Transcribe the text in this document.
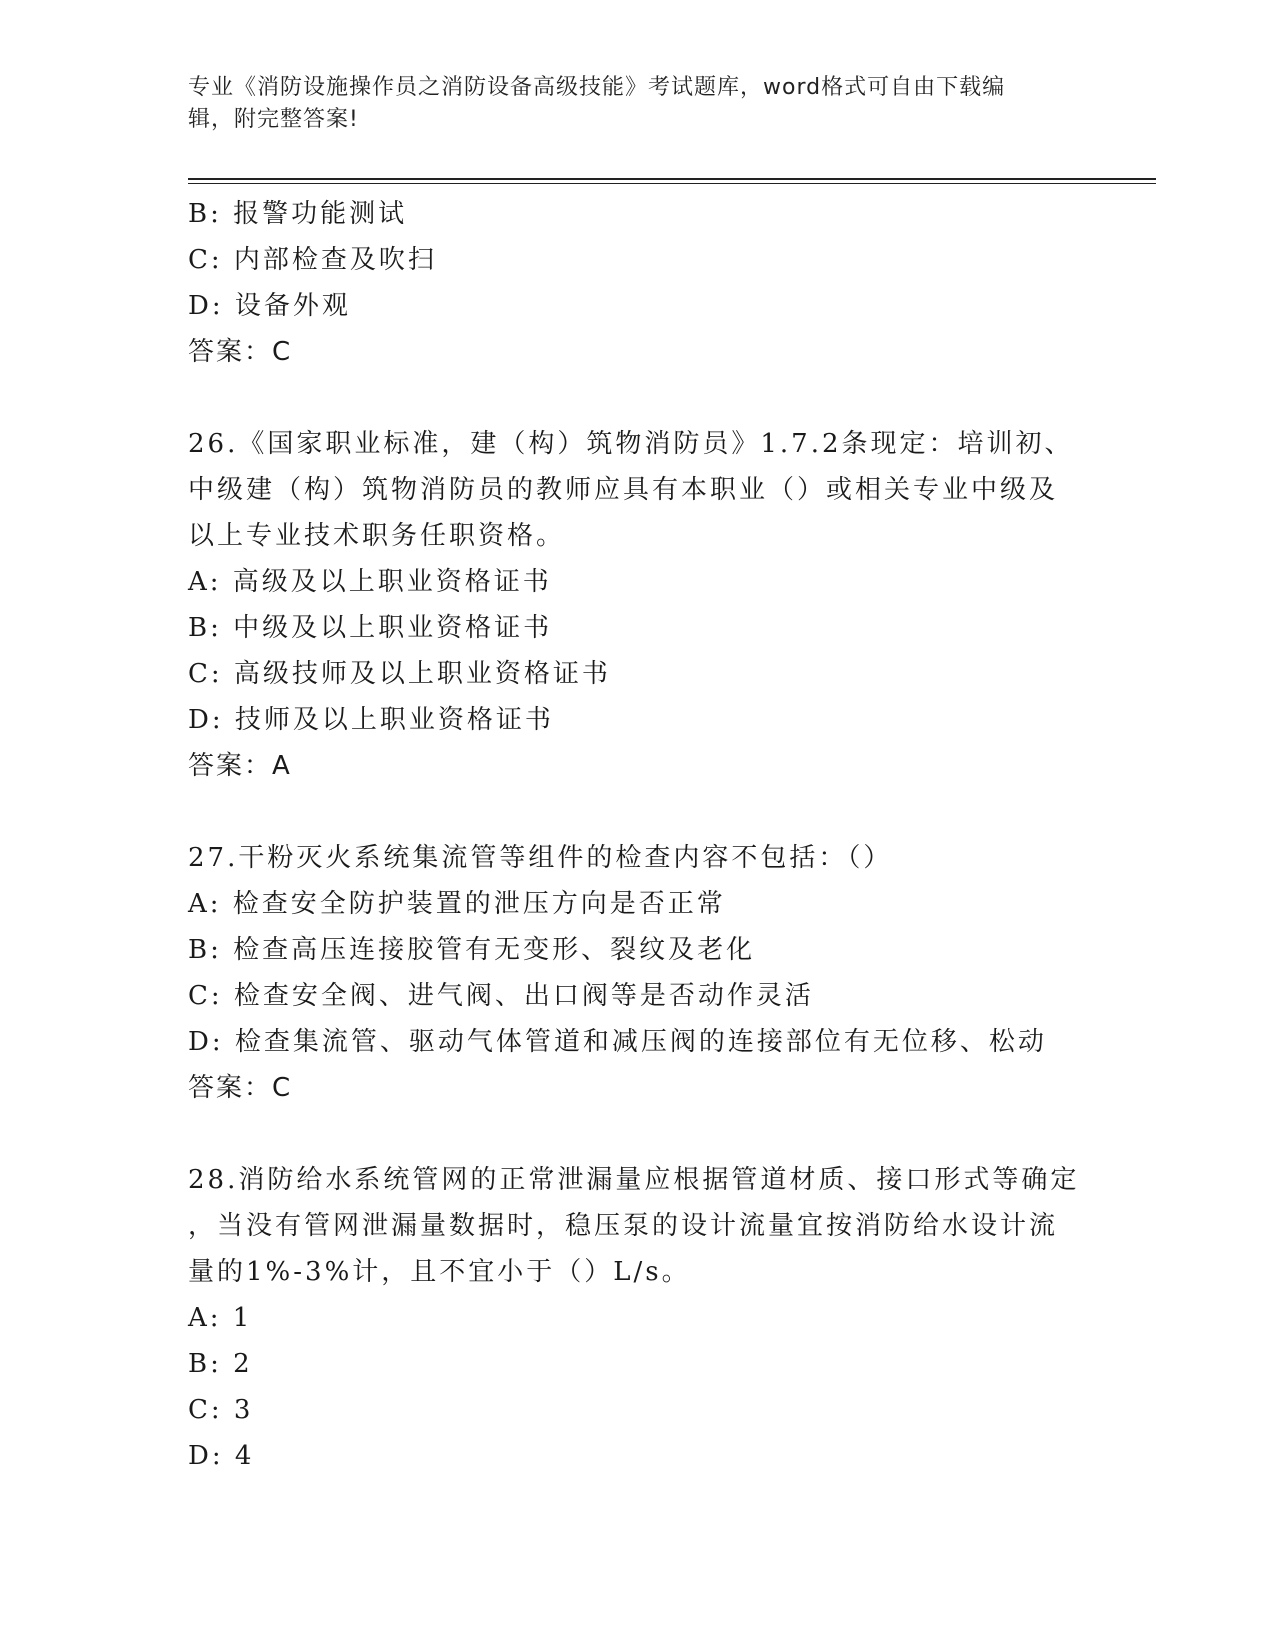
专业《消防设施操作员之消防设备高级技能》考试题库，word格式可自由下载编
辑，附完整答案!
B: 报警功能测试
C: 内部检查及吹扫
D: 设备外观
答案：C
26.《国家职业标准，建（构）筑物消防员》1.7.2条现定：培训初、
中级建（构）筑物消防员的教师应具有本职业（）或相关专业中级及
以上专业技术职务任职资格。
A: 高级及以上职业资格证书
B: 中级及以上职业资格证书
C: 高级技师及以上职业资格证书
D: 技师及以上职业资格证书
答案：A
27.干粉灭火系统集流管等组件的检查内容不包括：（）
A: 检查安全防护装置的泄压方向是否正常
B: 检查高压连接胶管有无变形、裂纹及老化
C: 检查安全阀、进气阀、出口阀等是否动作灵活
D: 检查集流管、驱动气体管道和减压阀的连接部位有无位移、松动
答案：C
28.消防给水系统管网的正常泄漏量应根据管道材质、接口形式等确定
，当没有管网泄漏量数据时，稳压泵的设计流量宜按消防给水设计流
量的1%-3%计，且不宜小于（）L/s。
A: 1
B: 2
C: 3
D: 4
